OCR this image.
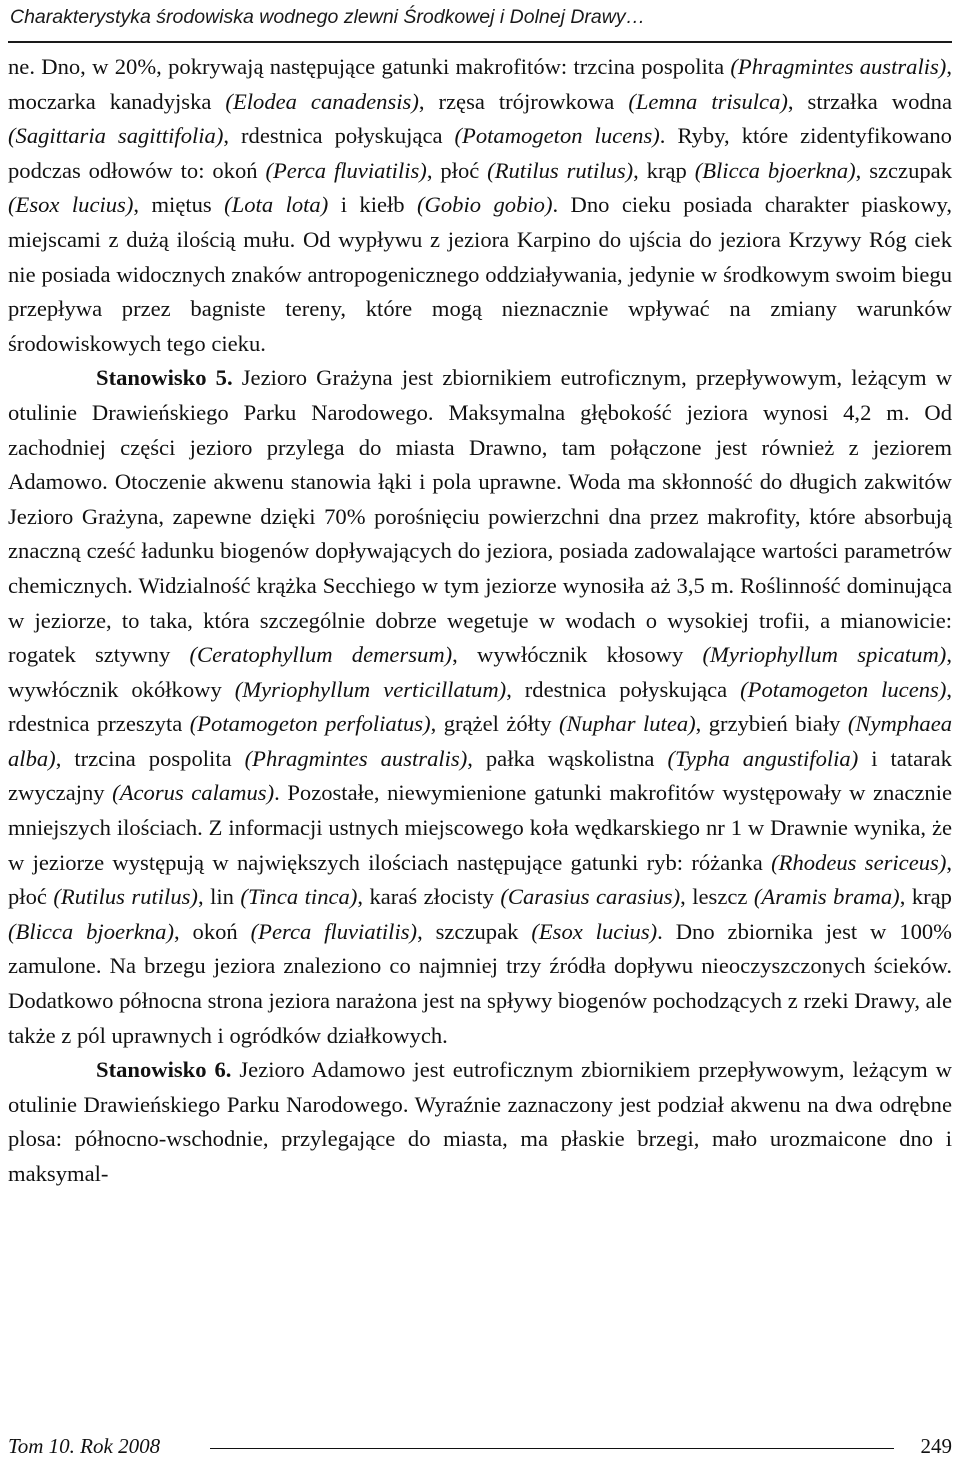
Charakterystyka środowiska wodnego zlewni Środkowej i Dolnej Drawy…

ne. Dno, w 20%, pokrywają następujące gatunki makrofitów: trzcina pospolita (Phragmintes australis), moczarka kanadyjska (Elodea canadensis), rzęsa trójrowkowa (Lemna trisulca), strzałka wodna (Sagittaria sagittifolia), rdestnica połyskująca (Potamogeton lucens). Ryby, które zidentyfikowano podczas odłowów to: okoń (Perca fluviatilis), płoć (Rutilus rutilus), krąp (Blicca bjoerkna), szczupak (Esox lucius), miętus (Lota lota) i kiełb (Gobio gobio). Dno cieku posiada charakter piaskowy, miejscami z dużą ilością mułu. Od wypływu z jeziora Karpino do ujścia do jeziora Krzywy Róg ciek nie posiada widocznych znaków antropogenicznego oddziaływania, jedynie w środkowym swoim biegu przepływa przez bagniste tereny, które mogą nieznacznie wpływać na zmiany warunków środowiskowych tego cieku.

Stanowisko 5. Jezioro Grażyna jest zbiornikiem eutroficznym, przepływowym, leżącym w otulinie Drawieńskiego Parku Narodowego. Maksymalna głębokość jeziora wynosi 4,2 m. Od zachodniej części jezioro przylega do miasta Drawno, tam połączone jest również z jeziorem Adamowo. Otoczenie akwenu stanowia łąki i pola uprawne. Woda ma skłonność do długich zakwitów Jezioro Grażyna, zapewne dzięki 70% porośnięciu powierzchni dna przez makrofity, które absorbują znaczną cześć ładunku biogenów dopływających do jeziora, posiada zadowalające wartości parametrów chemicznych. Widzialność krążka Secchiego w tym jeziorze wynosiła aż 3,5 m. Roślinność dominująca w jeziorze, to taka, która szczególnie dobrze wegetuje w wodach o wysokiej trofii, a mianowicie: rogatek sztywny (Ceratophyllum demersum), wywłócznik kłosowy (Myriophyllum spicatum), wywłócznik okółkowy (Myriophyllum verticillatum), rdestnica połyskująca (Potamogeton lucens), rdestnica przeszyta (Potamogeton perfoliatus), grążel żółty (Nuphar lutea), grzybień biały (Nymphaea alba), trzcina pospolita (Phragmintes australis), pałka wąskolistna (Typha angustifolia) i tatarak zwyczajny (Acorus calamus). Pozostałe, niewymienione gatunki makrofitów występowały w znacznie mniejszych ilościach. Z informacji ustnych miejscowego koła wędkarskiego nr 1 w Drawnie wynika, że w jeziorze występują w największych ilościach następujące gatunki ryb: różanka (Rhodeus sericeus), płoć (Rutilus rutilus), lin (Tinca tinca), karaś złocisty (Carasius carasius), leszcz (Aramis brama), krąp (Blicca bjoerkna), okoń (Perca fluviatilis), szczupak (Esox lucius). Dno zbiornika jest w 100% zamulone. Na brzegu jeziora znaleziono co najmniej trzy źródła dopływu nieoczyszczonych ścieków. Dodatkowo północna strona jeziora narażona jest na spływy biogenów pochodzących z rzeki Drawy, ale także z pól uprawnych i ogródków działkowych.

Stanowisko 6. Jezioro Adamowo jest eutroficznym zbiornikiem przepływowym, leżącym w otulinie Drawieńskiego Parku Narodowego. Wyraźnie zaznaczony jest podział akwenu na dwa odrębne plosa: północno-wschodnie, przylegające do miasta, ma płaskie brzegi, mało urozmaicone dno i maksymal-

Tom 10. Rok 2008	249
